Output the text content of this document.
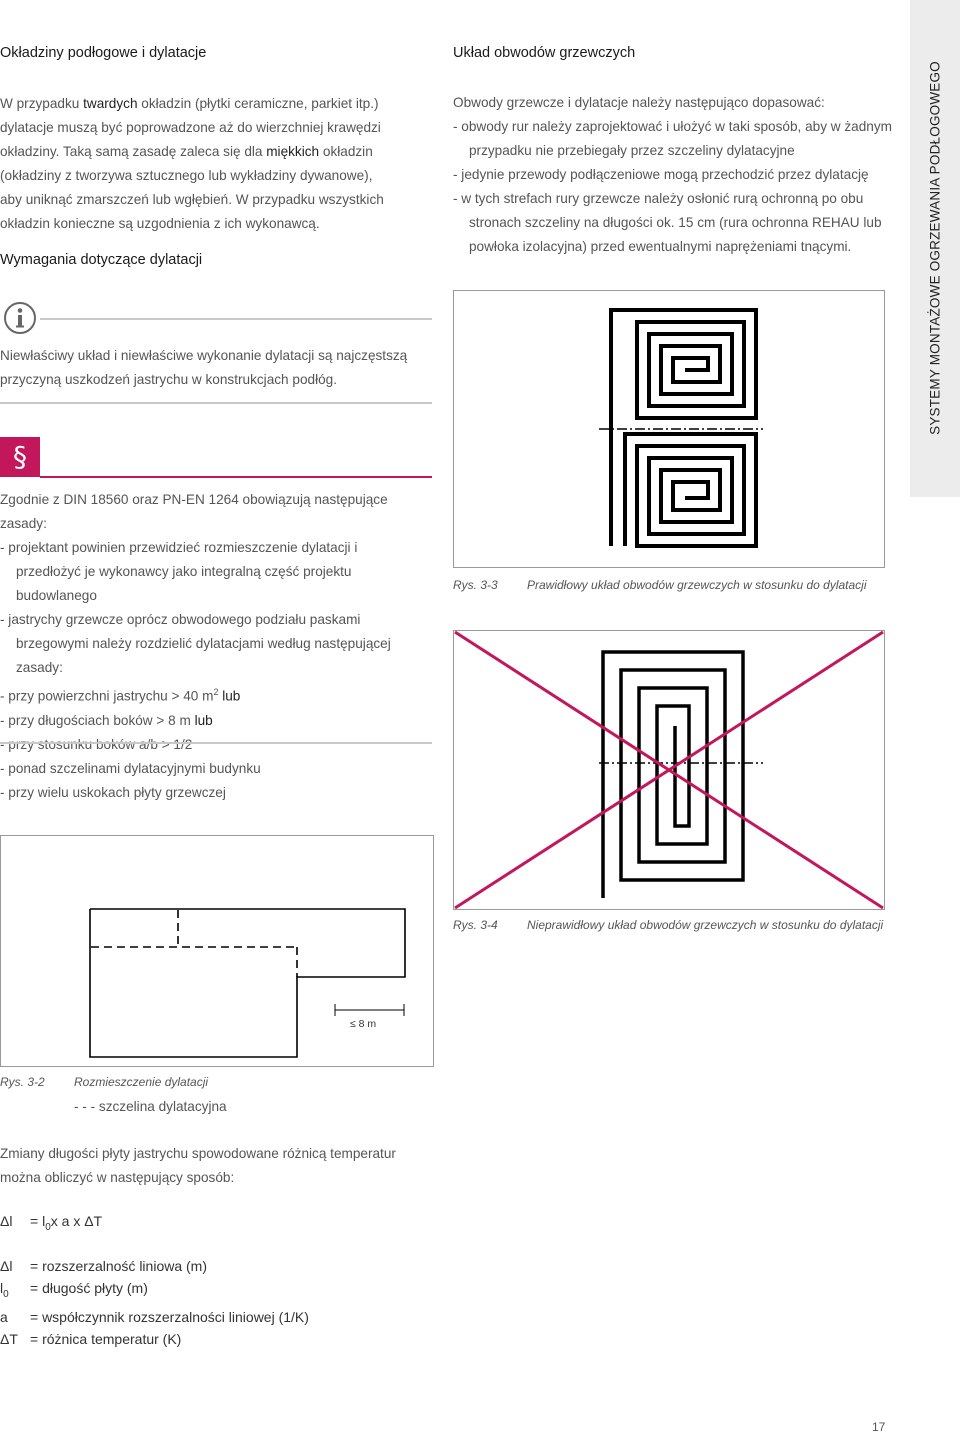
SYSTEMY MONTAŻOWE OGRZEWANIA PODŁOGOWEGO
Okładziny podłogowe i dylatacje
W przypadku twardych okładzin (płytki ceramiczne, parkiet itp.) dylatacje muszą być poprowadzone aż do wierzchniej krawędzi okładziny. Taką samą zasadę zaleca się dla miękkich okładzin (okładziny z tworzywa sztucznego lub wykładziny dywanowe), aby uniknąć zmarszczeń lub wgłębień. W przypadku wszystkich okładzin konieczne są uzgodnienia z ich wykonawcą.
Wymagania dotyczące dylatacji
Niewłaściwy układ i niewłaściwe wykonanie dylatacji są najczęstszą przyczyną uszkodzeń jastrychu w konstrukcjach podłóg.
§
Zgodnie z DIN 18560 oraz PN-EN 1264 obowiązują następujące zasady:
- projektant powinien przewidzieć rozmieszczenie dylatacji i przedłożyć je wykonawcy jako integralną część projektu budowlanego
- jastrychy grzewcze oprócz obwodowego podziału paskami brzegowymi należy rozdzielić dylatacjami według następującej zasady:
- przy powierzchni jastrychu > 40 $m^2$ lub
- przy długościach boków > 8 m lub
- przy stosunku boków a/b > 1/2
- ponad szczelinami dylatacyjnymi budynku
- przy wielu uskokach płyty grzewczej
≤ 8 m
Rys. 3-2 Rozmieszczenie dylatacji
- - - szczelina dylatacyjna
Zmiany długości płyty jastrychu spowodowane różnicą temperatur można obliczyć w następujący sposób:
$\Delta l = l_0x$ a x ΔT
Δl = rozszerzalność liniowa (m)
$l_0$ = długość płyty (m)
a = współczynnik rozszerzalności liniowej (1/K)
ΔT = różnica temperatur (K)
Układ obwodów grzewczych
Obwody grzewcze i dylatacje należy następująco dopasować:
- obwody rur należy zaprojektować i ułożyć w taki sposób, aby w żadnym przypadku nie przebiegały przez szczeliny dylatacyjne
- jedynie przewody podłączeniowe mogą przechodzić przez dylatację
- w tych strefach rury grzewcze należy osłonić rurą ochronną po obu stronach szczeliny na długości ok. 15 cm (rura ochronna REHAU lub powłoka izolacyjna) przed ewentualnymi naprężeniami tnącymi.
Rys. 3-3 Prawidłowy układ obwodów grzewczych w stosunku do dylatacji
Rys. 3-4 Nieprawidłowy układ obwodów grzewczych w stosunku do dylatacji
17
